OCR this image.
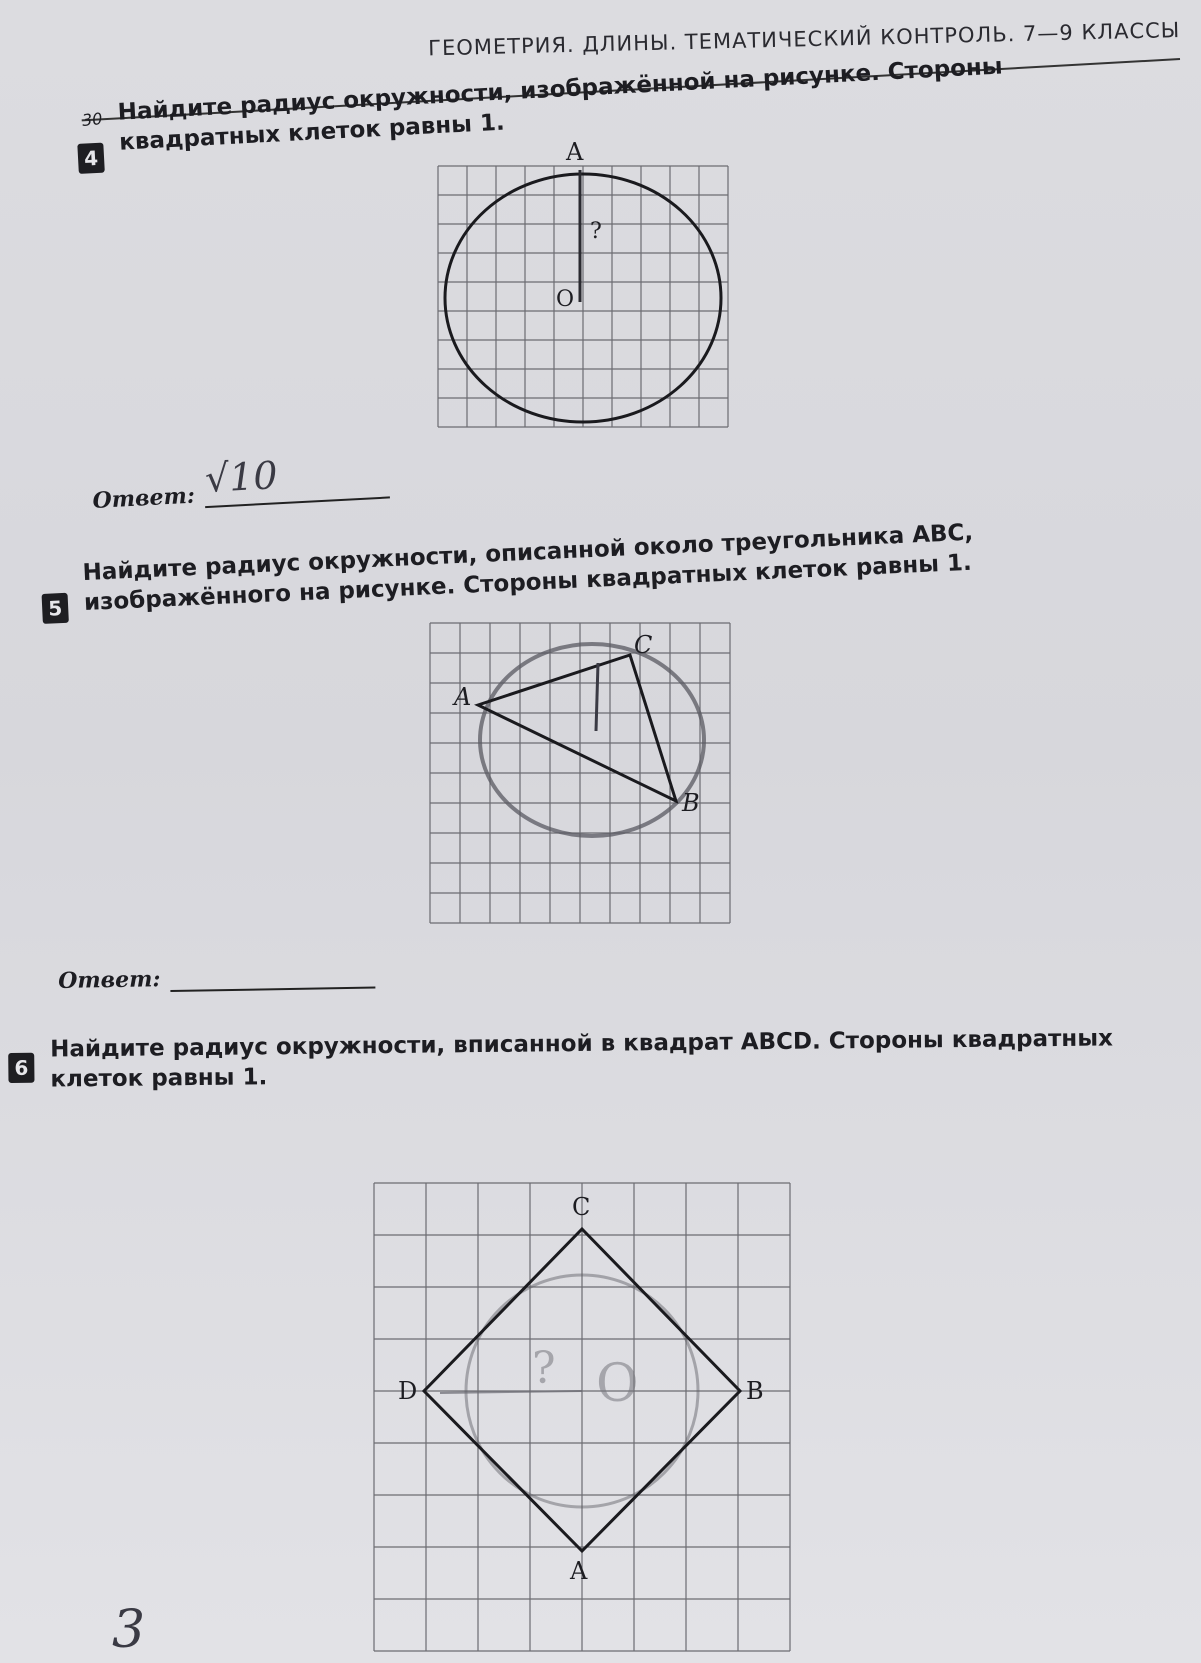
ГЕОМЕТРИЯ. ДЛИНЫ. ТЕМАТИЧЕСКИЙ КОНТРОЛЬ. 7—9 КЛАССЫ
30
4
Найдите радиус окружности, изображённой на рисунке. Стороны квадратных клеток равны 1.	A
O
?
Ответ: √10
5
Найдите радиус окружности, описанной около треугольника ABC, изображённого на рисунке. Стороны квадратных клеток равны 1.
A
B
C
Ответ:
6
Найдите радиус окружности, вписанной в квадрат ABCD. Стороны квадратных клеток равны 1.
C
B
D
A
? O
3
